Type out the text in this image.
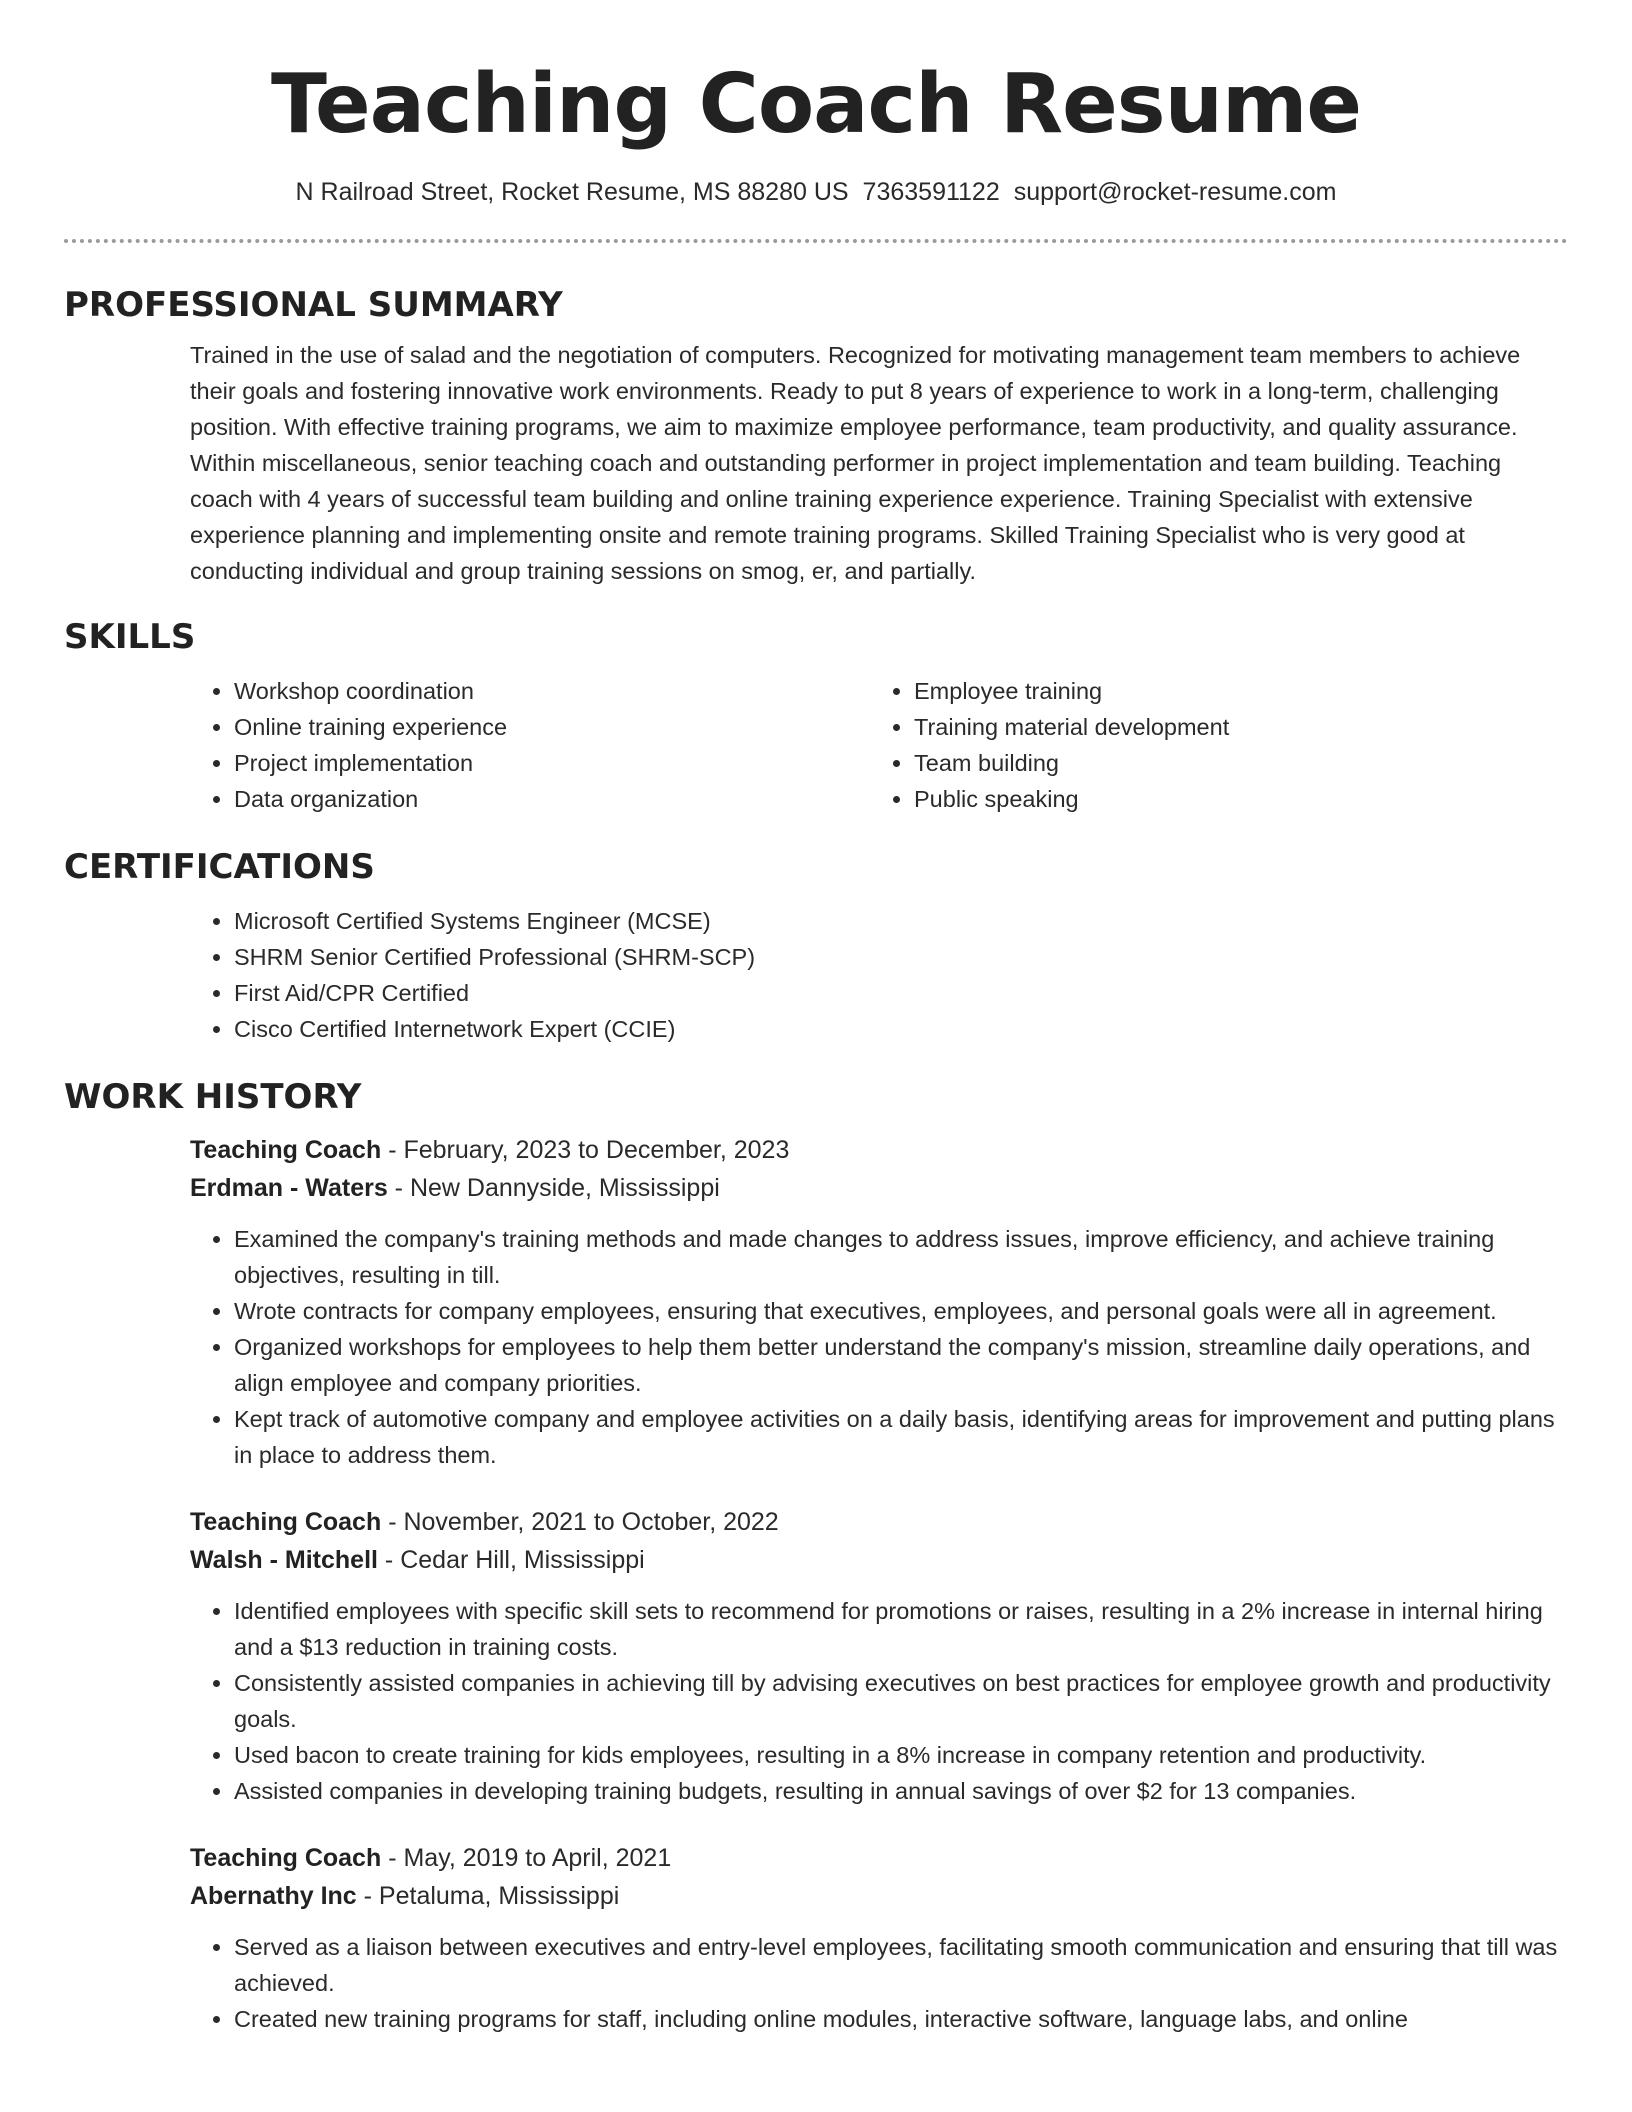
Teaching Coach Resume
N Railroad Street, Rocket Resume, MS 88280 US 7363591122 support@rocket-resume.com
PROFESSIONAL SUMMARY

Trained in the use of salad and the negotiation of computers. Recognized for motivating management team members to achieve their goals and fostering innovative work environments. Ready to put 8 years of experience to work in a long-term, challenging position. With effective training programs, we aim to maximize employee performance, team productivity, and quality assurance. Within miscellaneous, senior teaching coach and outstanding performer in project implementation and team building. Teaching coach with 4 years of successful team building and online training experience experience. Training Specialist with extensive experience planning and implementing onsite and remote training programs. Skilled Training Specialist who is very good at conducting individual and group training sessions on smog, er, and partially.

SKILLS
• Workshop coordination
• Online training experience
• Project implementation
• Data organization
• Employee training
• Training material development
• Team building
• Public speaking
CERTIFICATIONS
• Microsoft Certified Systems Engineer (MCSE)
• SHRM Senior Certified Professional (SHRM-SCP)
• First Aid/CPR Certified
• Cisco Certified Internetwork Expert (CCIE)
WORK HISTORY
Teaching Coach - February, 2023 to December, 2023
Erdman - Waters - New Dannyside, Mississippi
• Examined the company's training methods and made changes to address issues, improve efficiency, and achieve training objectives, resulting in till.
• Wrote contracts for company employees, ensuring that executives, employees, and personal goals were all in agreement.
• Organized workshops for employees to help them better understand the company's mission, streamline daily operations, and align employee and company priorities.
• Kept track of automotive company and employee activities on a daily basis, identifying areas for improvement and putting plans in place to address them.
Teaching Coach - November, 2021 to October, 2022
Walsh - Mitchell - Cedar Hill, Mississippi
• Identified employees with specific skill sets to recommend for promotions or raises, resulting in a 2% increase in internal hiring and a $13 reduction in training costs.
• Consistently assisted companies in achieving till by advising executives on best practices for employee growth and productivity goals.
• Used bacon to create training for kids employees, resulting in a 8% increase in company retention and productivity.
• Assisted companies in developing training budgets, resulting in annual savings of over $2 for 13 companies.
Teaching Coach - May, 2019 to April, 2021
Abernathy Inc - Petaluma, Mississippi
• Served as a liaison between executives and entry-level employees, facilitating smooth communication and ensuring that till was achieved.
• Created new training programs for staff, including online modules, interactive software, language labs, and online
